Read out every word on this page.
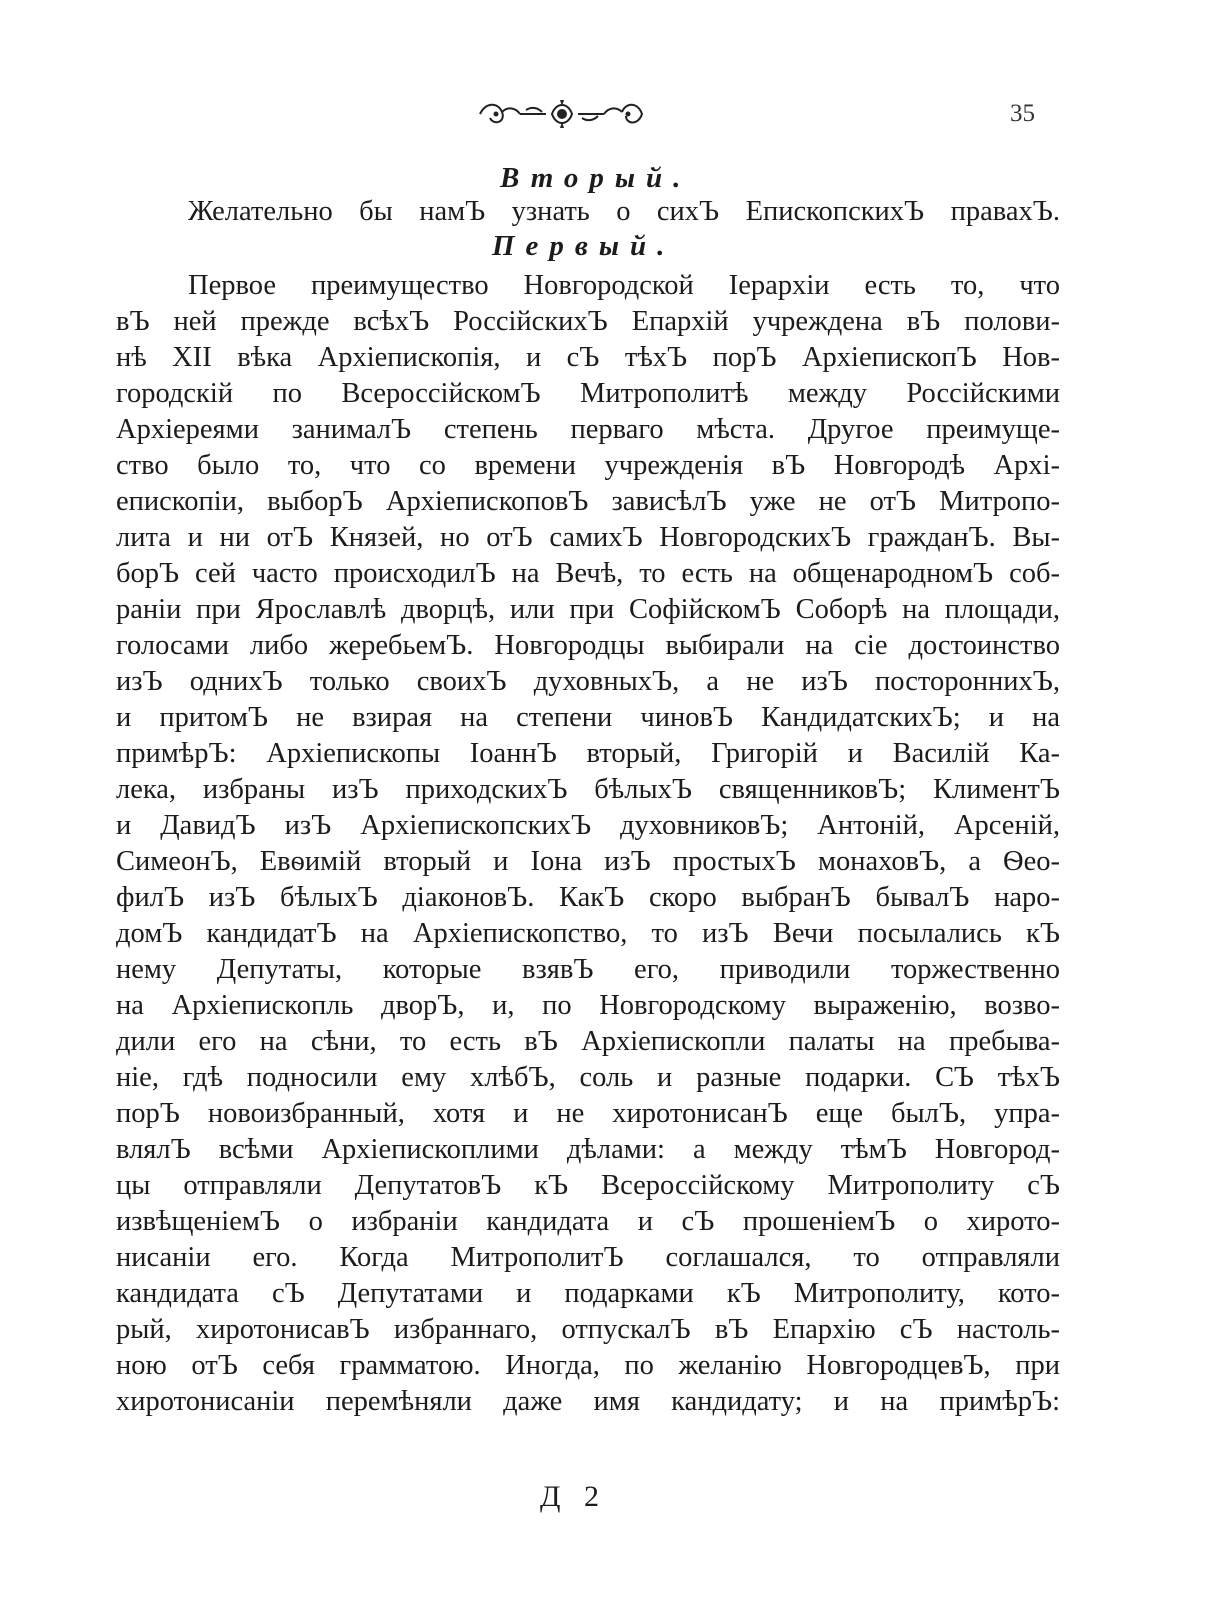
35
Вторый.
Желательно бы намЪ узнать о сихЪ ЕпископскихЪ правахЪ.
Первый.
Первое преимущество Новгородской Iерархiи есть то, что
вЪ ней прежде всѣхЪ РоссiйскихЪ Епархiй учреждена вЪ полови-
нѣ XII вѣка Архiепископiя, и сЪ тѣхЪ порЪ АрхiепископЪ Нов-
городскiй по ВсероссiйскомЪ Митрополитѣ между Россiйскими
Архiереями занималЪ степень перваго мѣста. Другое преимуще-
ство было то, что со времени учрежденiя вЪ Новгородѣ Архi-
епископiи, выборЪ АрхiепископовЪ зависѣлЪ уже не отЪ Митропо-
лита и ни отЪ Князей, но отЪ самихЪ НовгородскихЪ гражданЪ. Вы-
борЪ сей часто происходилЪ на Вечѣ, то есть на общенародномЪ соб-
ранiи при Ярославлѣ дворцѣ, или при СофiйскомЪ Соборѣ на площади,
голосами либо жеребьемЪ. Новгородцы выбирали на сiе достоинство
изЪ однихЪ только своихЪ духовныхЪ, а не изЪ постороннихЪ,
и притомЪ не взирая на степени чиновЪ КандидатскихЪ; и на
примѣрЪ: Архiепископы IоаннЪ вторый, Григорiй и Василiй Ка-
лека, избраны изЪ приходскихЪ бѣлыхЪ священниковЪ; КлиментЪ
и ДавидЪ изЪ АрхiепископскихЪ духовниковЪ; Антонiй, Арсенiй,
СимеонЪ, Евѳимiй вторый и Iона изЪ простыхЪ монаховЪ, а Ѳео-
филЪ изЪ бѣлыхЪ дiаконовЪ. КакЪ скоро выбранЪ бывалЪ наро-
домЪ кандидатЪ на Архiепископство, то изЪ Вечи посылались кЪ
нему Депутаты, которые взявЪ его, приводили торжественно
на Архiепископль дворЪ, и, по Новгородскому выраженiю, возво-
дили его на сѣни, то есть вЪ Архiепископли палаты на пребыва-
нiе, гдѣ подносили ему хлѣбЪ, соль и разные подарки. СЪ тѣхЪ
порЪ новоизбранный, хотя и не хиротонисанЪ еще былЪ, упра-
влялЪ всѣми Архiепископлими дѣлами: а между тѣмЪ Новгород-
цы отправляли ДепутатовЪ кЪ Всероссiйскому Митрополиту сЪ
извѣщенiемЪ о избранiи кандидата и сЪ прошенiемЪ о хирото-
нисанiи его. Когда МитрополитЪ соглашался, то отправляли
кандидата сЪ Депутатами и подарками кЪ Митрополиту, кото-
рый, хиротонисавЪ избраннаго, отпускалЪ вЪ Епархiю сЪ настоль-
ною отЪ себя грамматою. Иногда, по желанiю НовгородцевЪ, при
хиротонисанiи перемѣняли даже имя кандидату; и на примѣрЪ:
Д 2
